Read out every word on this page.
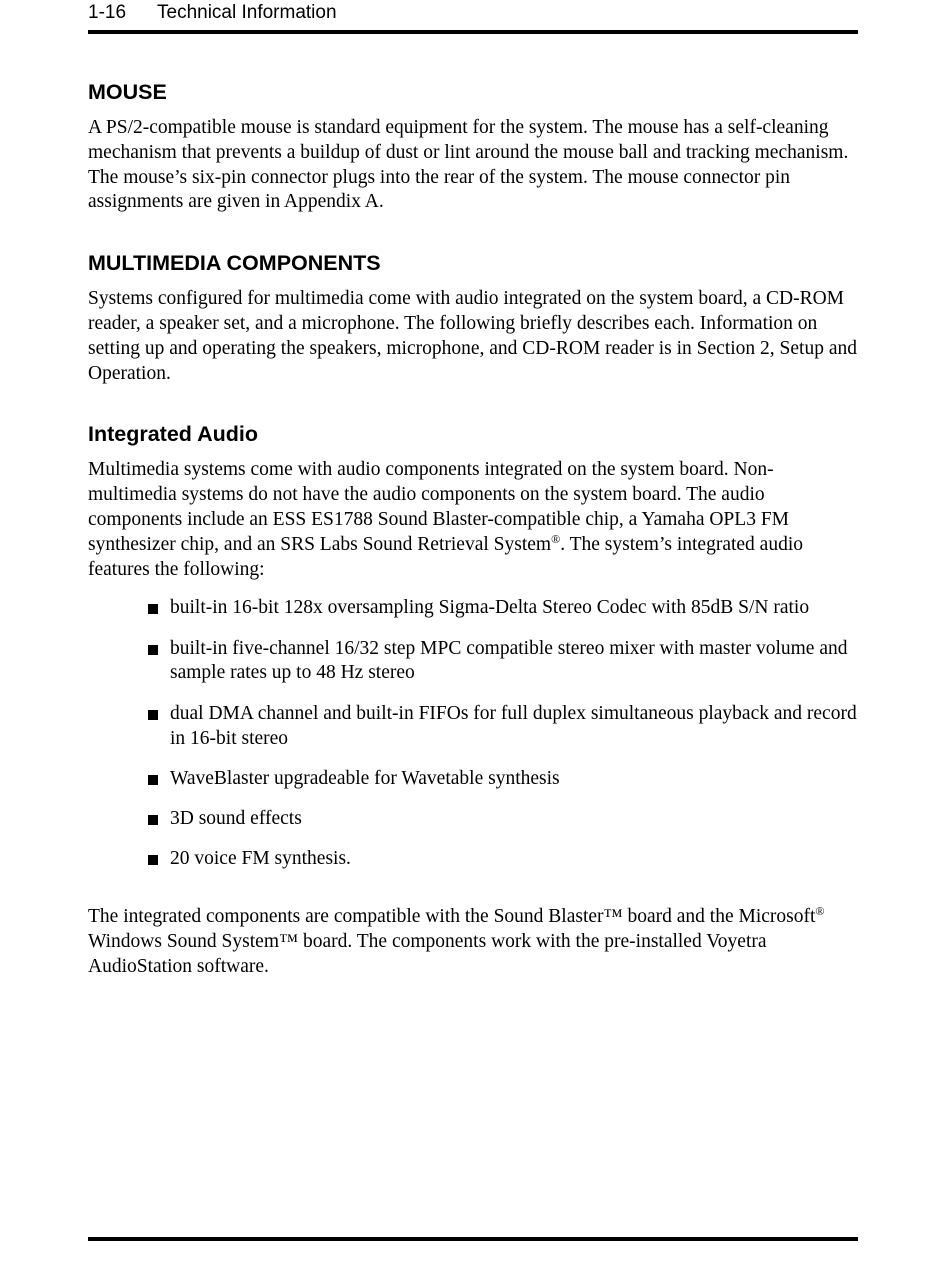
1-16 Technical Information
MOUSE

A PS/2-compatible mouse is standard equipment for the system. The mouse has a self-cleaning mechanism that prevents a buildup of dust or lint around the mouse ball and tracking mechanism. The mouse’s six-pin connector plugs into the rear of the system. The mouse connector pin assignments are given in Appendix A.

MULTIMEDIA COMPONENTS

Systems configured for multimedia come with audio integrated on the system board, a CD-ROM reader, a speaker set, and a microphone. The following briefly describes each. Information on setting up and operating the speakers, microphone, and CD-ROM reader is in Section 2, Setup and Operation.

Integrated Audio

Multimedia systems come with audio components integrated on the system board. Non-multimedia systems do not have the audio components on the system board. The audio components include an ESS ES1788 Sound Blaster-compatible chip, a Yamaha OPL3 FM synthesizer chip, and an SRS Labs Sound Retrieval System®. The system’s integrated audio features the following:

built-in 16-bit 128x oversampling Sigma-Delta Stereo Codec with 85dB S/N ratio
built-in five-channel 16/32 step MPC compatible stereo mixer with master volume and sample rates up to 48 Hz stereo
dual DMA channel and built-in FIFOs for full duplex simultaneous playback and record in 16-bit stereo
WaveBlaster upgradeable for Wavetable synthesis
3D sound effects
20 voice FM synthesis.

The integrated components are compatible with the Sound Blaster™ board and the Microsoft® Windows Sound System™ board. The components work with the pre-installed Voyetra AudioStation software.
